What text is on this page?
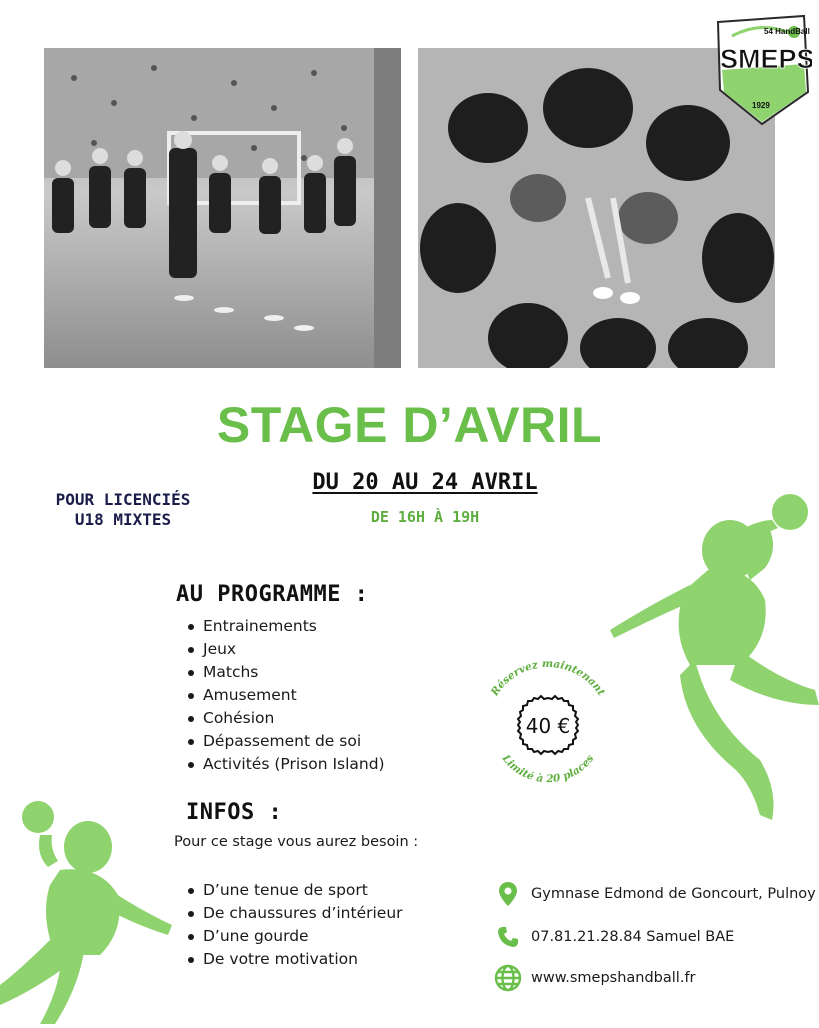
54 HandBall
SMEPS
1929
STAGE D’AVRIL
DU 20 AU 24 AVRIL
DE 16H À 19H
POUR LICENCIÉS
U18 MIXTES
AU PROGRAMME :
Entrainements
Jeux
Matchs
Amusement
Cohésion
Dépassement de soi
Activités (Prison Island)
INFOS :
Pour ce stage vous aurez besoin :
D’une tenue de sport
De chaussures d’intérieur
D’une gourde
De votre motivation
Réservez maintenant
40 €
Limité à 20 places
Gymnase Edmond de Goncourt, Pulnoy
07.81.21.28.84 Samuel BAE
www.smepshandball.fr
